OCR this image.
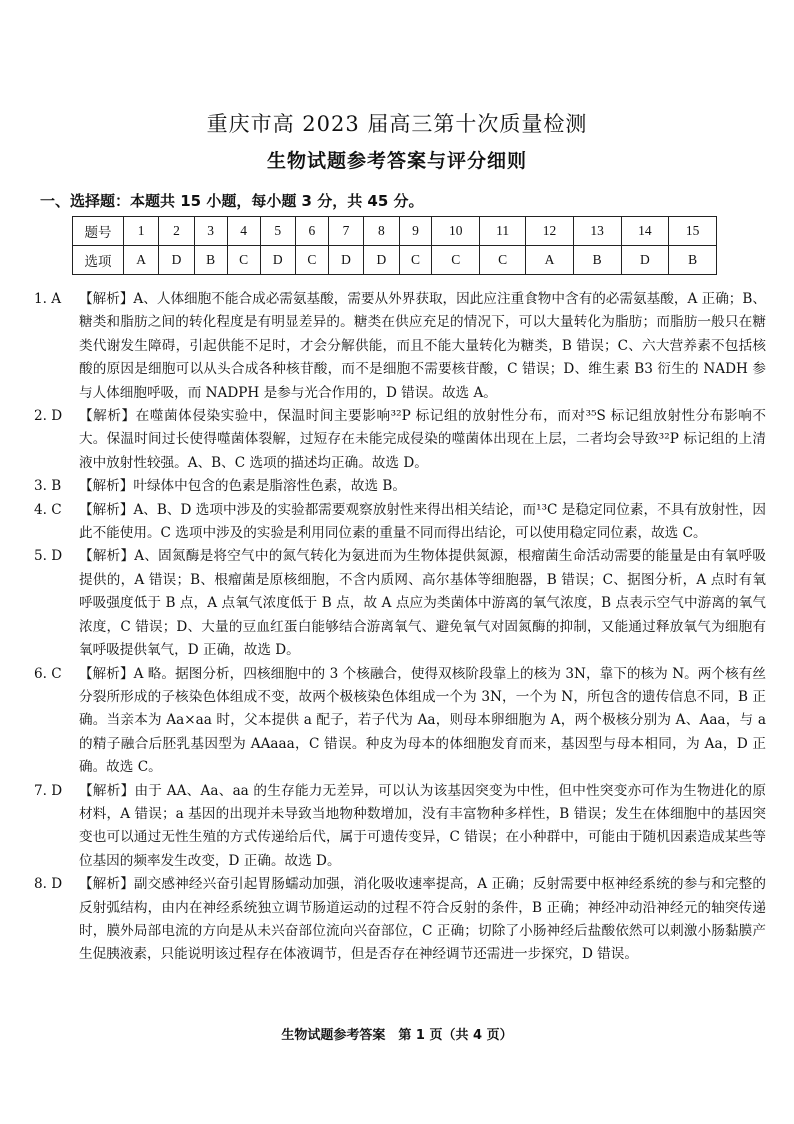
重庆市高 2023 届高三第十次质量检测
生物试题参考答案与评分细则
一、选择题：本题共 15 小题，每小题 3 分，共 45 分。
题号	1	2	3	4	5	6	7	8	9	10	11	12	13	14	15
选项	A	D	B	C	D	C	D	D	C	C	C	A	B	D	B
1. A	【解析】A、人体细胞不能合成必需氨基酸，需要从外界获取，因此应注重食物中含有的必需氨基酸，A 正确；B、糖类和脂肪之间的转化程度是有明显差异的。糖类在供应充足的情况下，可以大量转化为脂肪；而脂肪一般只在糖类代谢发生障碍，引起供能不足时，才会分解供能，而且不能大量转化为糖类，B 错误；C、六大营养素不包括核酸的原因是细胞可以从头合成各种核苷酸，而不是细胞不需要核苷酸，C 错误；D、维生素 B3 衍生的 NADH 参与人体细胞呼吸，而 NADPH 是参与光合作用的，D 错误。故选 A。
2. D	【解析】在噬菌体侵染实验中，保温时间主要影响³²P 标记组的放射性分布，而对³⁵S 标记组放射性分布影响不大。保温时间过长使得噬菌体裂解，过短存在未能完成侵染的噬菌体出现在上层，二者均会导致³²P 标记组的上清液中放射性较强。A、B、C 选项的描述均正确。故选 D。
3. B	【解析】叶绿体中包含的色素是脂溶性色素，故选 B。
4. C	【解析】A、B、D 选项中涉及的实验都需要观察放射性来得出相关结论，而¹³C 是稳定同位素，不具有放射性，因此不能使用。C 选项中涉及的实验是利用同位素的重量不同而得出结论，可以使用稳定同位素，故选 C。
5. D	【解析】A、固氮酶是将空气中的氮气转化为氨进而为生物体提供氮源，根瘤菌生命活动需要的能量是由有氧呼吸提供的，A 错误；B、根瘤菌是原核细胞，不含内质网、高尔基体等细胞器，B 错误；C、据图分析，A 点时有氧呼吸强度低于 B 点，A 点氧气浓度低于 B 点，故 A 点应为类菌体中游离的氧气浓度，B 点表示空气中游离的氧气浓度，C 错误；D、大量的豆血红蛋白能够结合游离氧气、避免氧气对固氮酶的抑制，又能通过释放氧气为细胞有氧呼吸提供氧气，D 正确，故选 D。
6. C	【解析】A 略。据图分析，四核细胞中的 3 个核融合，使得双核阶段靠上的核为 3N，靠下的核为 N。两个核有丝分裂所形成的子核染色体组成不变，故两个极核染色体组成一个为 3N，一个为 N，所包含的遗传信息不同，B 正确。当亲本为 Aa×aa 时，父本提供 a 配子，若子代为 Aa，则母本卵细胞为 A，两个极核分别为 A、Aaa，与 a 的精子融合后胚乳基因型为 AAaaa，C 错误。种皮为母本的体细胞发育而来，基因型与母本相同，为 Aa，D 正确。故选 C。
7. D	【解析】由于 AA、Aa、aa 的生存能力无差异，可以认为该基因突变为中性，但中性突变亦可作为生物进化的原材料，A 错误；a 基因的出现并未导致当地物种数增加，没有丰富物种多样性，B 错误；发生在体细胞中的基因突变也可以通过无性生殖的方式传递给后代，属于可遗传变异，C 错误；在小种群中，可能由于随机因素造成某些等位基因的频率发生改变，D 正确。故选 D。
8. D	【解析】副交感神经兴奋引起胃肠蠕动加强，消化吸收速率提高，A 正确；反射需要中枢神经系统的参与和完整的反射弧结构，由内在神经系统独立调节肠道运动的过程不符合反射的条件，B 正确；神经冲动沿神经元的轴突传递时，膜外局部电流的方向是从未兴奋部位流向兴奋部位，C 正确；切除了小肠神经后盐酸依然可以刺激小肠黏膜产生促胰液素，只能说明该过程存在体液调节，但是否存在神经调节还需进一步探究，D 错误。
生物试题参考答案　第 1 页（共 4 页）
